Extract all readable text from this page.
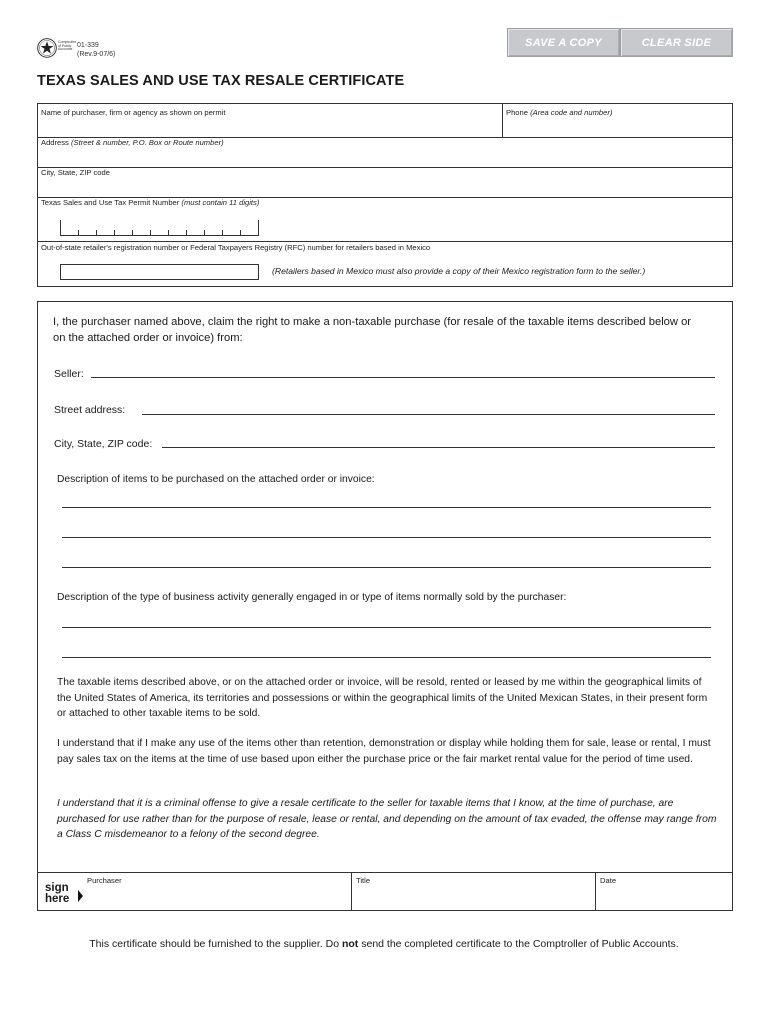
Comptroller
of Public
Accounts
01-339
(Rev.9-07/6)
SAVE A COPY	CLEAR SIDE
TEXAS SALES AND USE TAX RESALE CERTIFICATE
Name of purchaser, firm or agency as shown on permit	Phone (Area code and number)
Address (Street & number, P.O. Box or Route number)
City, State, ZIP code
Texas Sales and Use Tax Permit Number (must contain 11 digits)
Out-of-state retailer's registration number or Federal Taxpayers Registry (RFC) number for retailers based in Mexico
(Retailers based in Mexico must also provide a copy of their Mexico registration form to the seller.)
I, the purchaser named above, claim the right to make a non-taxable purchase (for resale of the taxable items described below or on the attached order or invoice) from:
Seller:
Street address:
City, State, ZIP code:
Description of items to be purchased on the attached order or invoice:
Description of the type of business activity generally engaged in or type of items normally sold by the purchaser:
The taxable items described above, or on the attached order or invoice, will be resold, rented or leased by me within the geographical limits of the United States of America, its territories and possessions or within the geographical limits of the United Mexican States, in their present form or attached to other taxable items to be sold.
I understand that if I make any use of the items other than retention, demonstration or display while holding them for sale, lease or rental, I must pay sales tax on the items at the time of use based upon either the purchase price or the fair market rental value for the period of time used.
I understand that it is a criminal offense to give a resale certificate to the seller for taxable items that I know, at the time of purchase, are purchased for use rather than for the purpose of resale, lease or rental, and depending on the amount of tax evaded, the offense may range from a Class C misdemeanor to a felony of the second degree.
sign
here
Purchaser	Title	Date
This certificate should be furnished to the supplier. Do not send the completed certificate to the Comptroller of Public Accounts.
